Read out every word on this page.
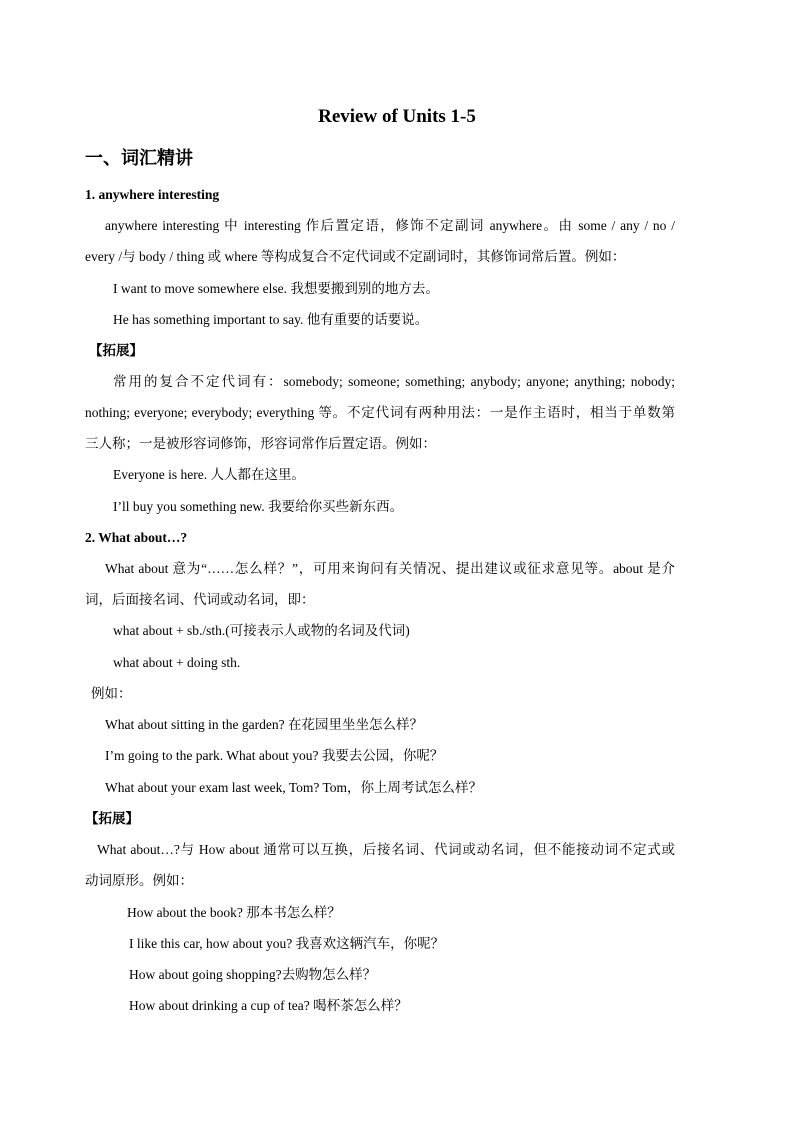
Review of Units 1-5
一、词汇精讲
1. anywhere interesting
anywhere interesting 中 interesting 作后置定语，修饰不定副词 anywhere。由 some / any / no /
every /与 body / thing 或 where 等构成复合不定代词或不定副词时，其修饰词常后置。例如：
I want to move somewhere else. 我想要搬到别的地方去。
He has something important to say. 他有重要的话要说。
【拓展】
常用的复合不定代词有：somebody; someone; something; anybody; anyone; anything; nobody;
nothing; everyone; everybody; everything 等。不定代词有两种用法：一是作主语时，相当于单数第
三人称；一是被形容词修饰，形容词常作后置定语。例如：
Everyone is here. 人人都在这里。
I’ll buy you something new. 我要给你买些新东西。
2. What about…?
What about 意为“……怎么样？”，可用来询问有关情况、提出建议或征求意见等。about 是介
词，后面接名词、代词或动名词，即：
what about + sb./sth.(可接表示人或物的名词及代词)
what about + doing sth.
例如：
What about sitting in the garden? 在花园里坐坐怎么样？
I’m going to the park. What about you? 我要去公园，你呢？
What about your exam last week, Tom? Tom，你上周考试怎么样？
【拓展】
What about…?与 How about 通常可以互换，后接名词、代词或动名词，但不能接动词不定式或
动词原形。例如：
How about the book? 那本书怎么样？
I like this car, how about you? 我喜欢这辆汽车，你呢？
How about going shopping?去购物怎么样？
How about drinking a cup of tea? 喝杯茶怎么样？
